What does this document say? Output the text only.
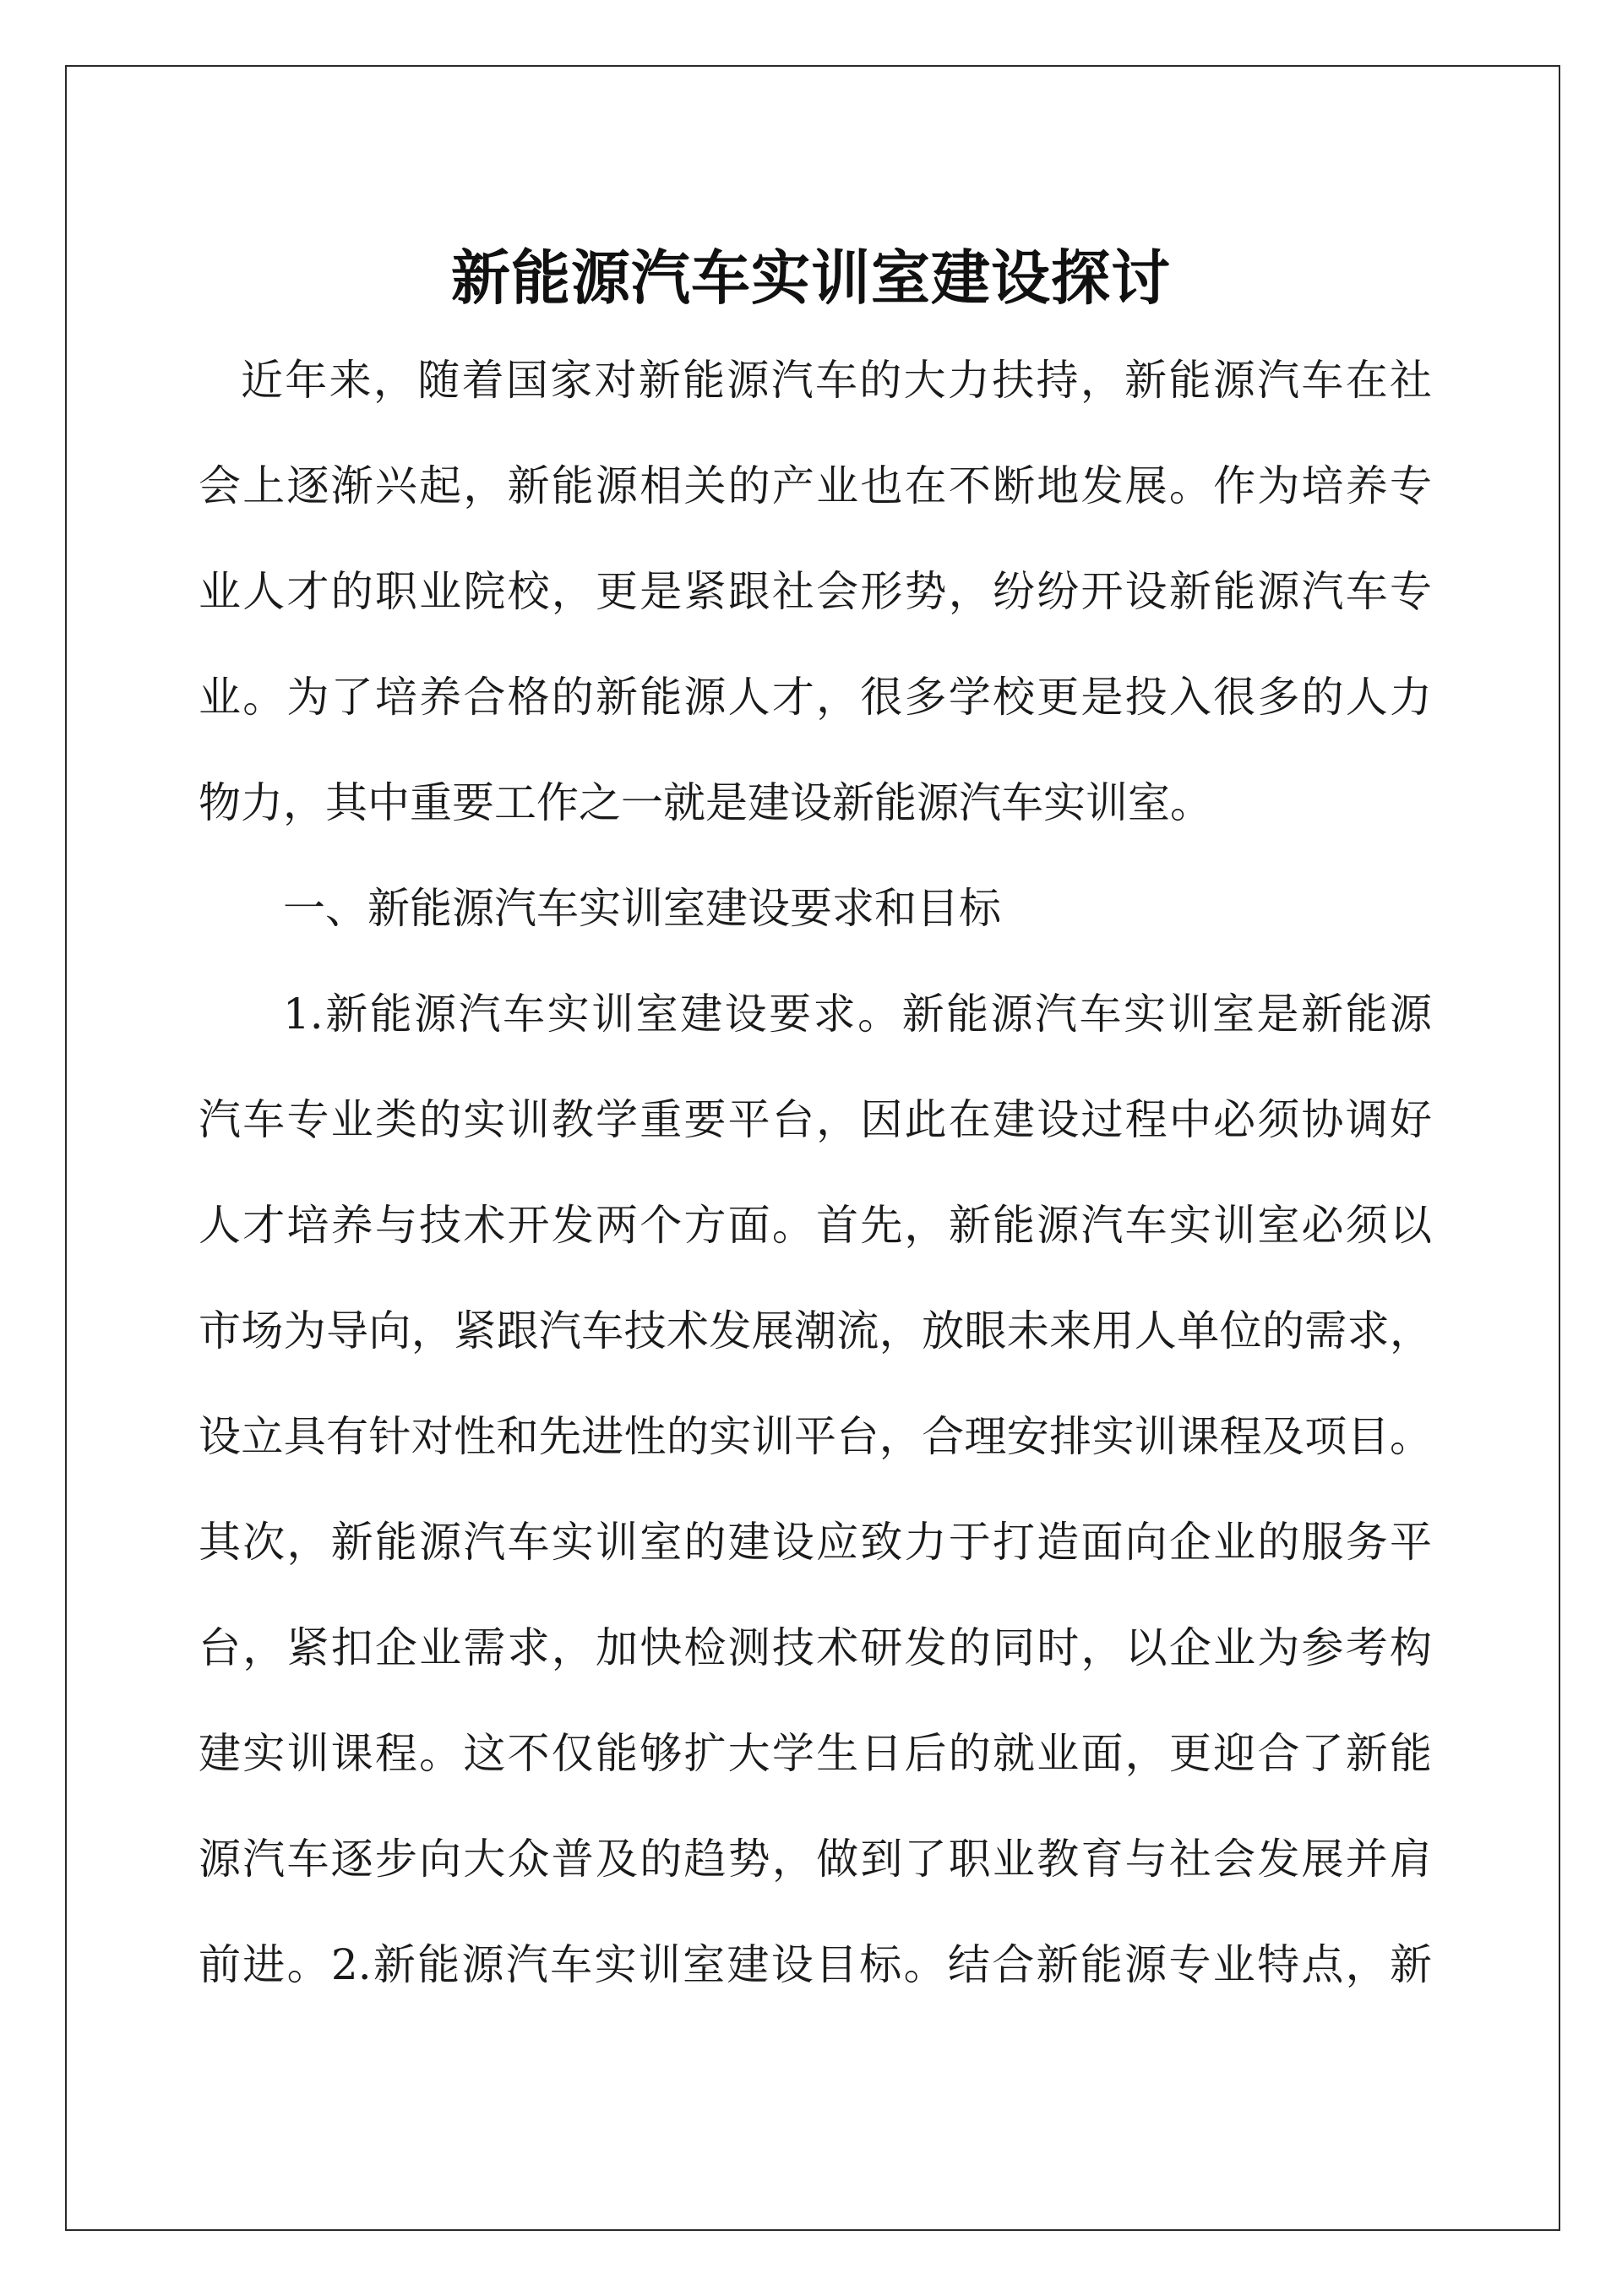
新能源汽车实训室建设探讨
近年来，随着国家对新能源汽车的大力扶持，新能源汽车在社
会上逐渐兴起，新能源相关的产业也在不断地发展。作为培养专
业人才的职业院校，更是紧跟社会形势，纷纷开设新能源汽车专
业。为了培养合格的新能源人才，很多学校更是投入很多的人力
物力，其中重要工作之一就是建设新能源汽车实训室。
一、新能源汽车实训室建设要求和目标
1.新能源汽车实训室建设要求。新能源汽车实训室是新能源
汽车专业类的实训教学重要平台，因此在建设过程中必须协调好
人才培养与技术开发两个方面。首先，新能源汽车实训室必须以
市场为导向，紧跟汽车技术发展潮流，放眼未来用人单位的需求，
设立具有针对性和先进性的实训平台，合理安排实训课程及项目。
其次，新能源汽车实训室的建设应致力于打造面向企业的服务平
台，紧扣企业需求，加快检测技术研发的同时，以企业为参考构
建实训课程。这不仅能够扩大学生日后的就业面，更迎合了新能
源汽车逐步向大众普及的趋势，做到了职业教育与社会发展并肩
前进。2.新能源汽车实训室建设目标。结合新能源专业特点，新
